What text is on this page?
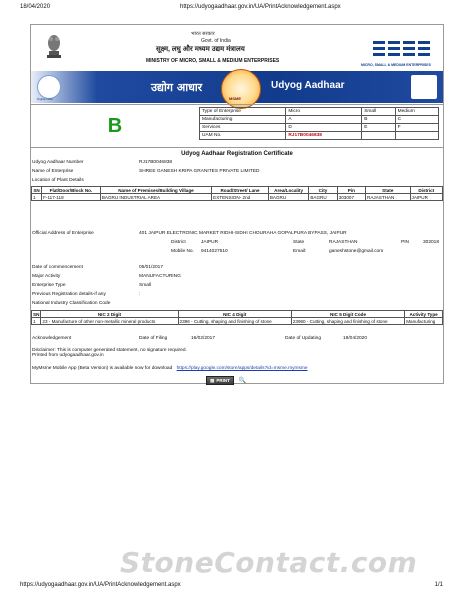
18/04/2020	https://udyogaadhaar.gov.in/UA/PrintAcknowledgement.aspx
भारत सरकार
Govt. of India
सूक्ष्म, लघु और मध्यम उद्यम मंत्रालय
MINISTRY OF MICRO, SMALL & MEDIUM ENTERPRISES
MICRO, SMALL & MEDIUM ENTERPRISES
Digital India
उद्योग आधार
MSME
Udyog Aadhaar
B
Type of Enterprise	Micro	Small	Medium
Manufacturing	A	B	C
Services	D	E	F
UAM No.	RJ17B0046838		
Udyog Aadhaar Registration Certificate
Udyog Aadhaar Number	RJ17B0046838
Name of Enterprise	SHREE GANESH KRIPA GRANITES PRIVATE LIMITED
Location of Plant Details
SN	Flat/Door/Block No.	Name of Premises/Building Village	Road/Street/ Lane	Area/Locality	City	Pin	State	District
1	F-117-118	BAGRU INDUSTRIAL AREA	EXTENSION- 2nd	BAGRU	BAGRU	303007	RAJASTHAN	JAIPUR
Official Address of Enterprise	401 JAIPUR ELECTRONIC MARKET RIDHI-SIDHI CHOURAHA GOPALPURA BYPASS, JAIPUR
District	JAIPUR	State	RAJASTHAN	PIN	302018
Mobile No. 9414027510	Email:	ganeshstone@gmail.com
Date of commencement	05/01/2017
Major Activity	MANUFACTURING
Enterprise Type	Small
Previous Registration details-if any	:
National Industry Classification Code
SN	NIC 2 Digit	NIC 4 Digit	NIC 5 Digit Code	Activity Type
1	23 - Manufacture of other non-metallic mineral products	2396 - Cutting, shaping and finishing of stone	23960 - Cutting, shaping and finishing of stone	Manufacturing
Acknowledgement	Date of Filing	16/02/2017	Date of Updating	18/04/2020
Disclaimer: This is computer generated statement, no signature required.
Printed from udyogaadhaar.gov.in
MyMsme Mobile App (Beta Version) is available now for download https://play.google.com/store/apps/details?id=msme.mymsme
▤ PRINT 🔍
StoneContact.com
https://udyogaadhaar.gov.in/UA/PrintAcknowledgement.aspx	1/1
